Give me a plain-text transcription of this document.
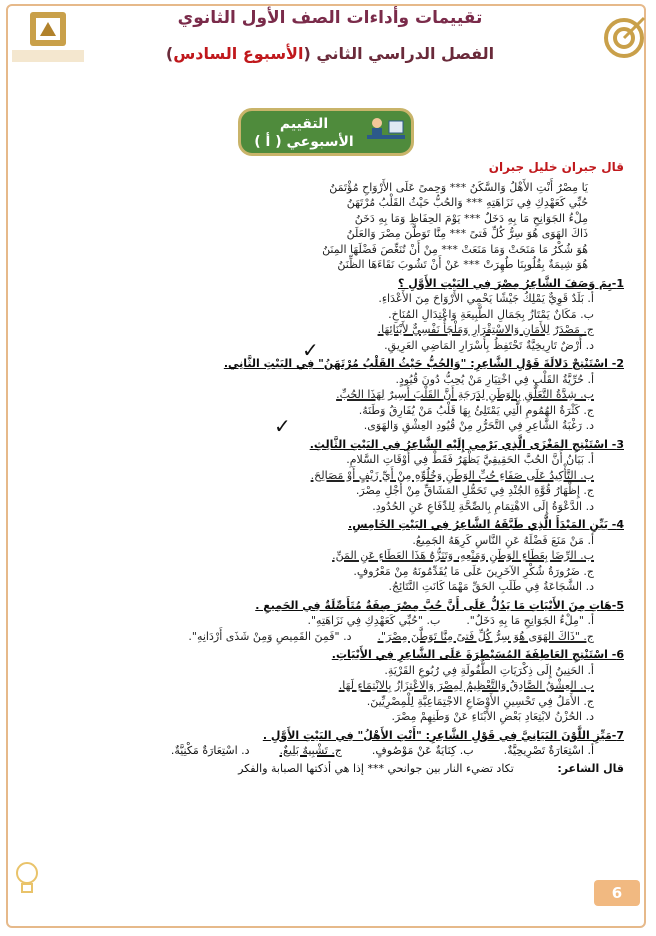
تقييمات وأداءات الصف الأول الثانوي
الفصل الدراسي الثاني (الأسبوع السادس)
التقييم
الأسبوعي ( أ )
قال جبران خليل جبران
يَا مِصْرُ أَنْتِ الأَهْلُ وَالسَّكَنُ *** وَحِمىً عَلَى الأَرْوَاحِ مُؤْتَمَنُ
حُبِّي كَعَهْدِكِ فِي نَزَاهَتِهِ *** وَالحُبُّ حَيْثُ القَلْبُ مُرْتَهَنُ
مِلْءُ الجَوَانِحِ مَا بِهِ دَخَلٌ *** يَوْمَ الحِفَاظِ وَمَا بِهِ دَخَنُ
ذَاكَ الهَوَى هُوَ سِرُّ كُلِّ فَتىً *** مِنَّا تَوَطَّنَ مِصْرَ وَالعَلَنُ
هُوَ شُكْرُ مَا مَنَحَتْ وَمَا مَنَعَتْ *** مِنْ أَنْ تُنَغِّصَ فَضْلَهَا المِنَنُ
هُوَ شِيمَةٌ بِقُلُوبِنَا طُهِرَتْ *** عَنْ أَنْ تَشُوبَ نَقَاءَهَا الظِّنَنُ
1-بِمَ وَصَفَ الشَّاعِرُ مِصْرَ فِي البَيْتِ الأَوَّلِ ؟
أ. بَلَدٌ قَوِيٌّ يَمْلِكُ جَيْشًا يَحْمِي الأَرْوَاحَ مِنَ الأَعْدَاءِ.
ب. مَكَانٌ يَمْتَازُ بِجَمَالِ الطَّبِيعَةِ وَاعْتِدَالِ المُنَاخِ.
ج. مَصْدَرٌ لِلأَمَانِ وَالاسْتِقْرَارِ وَمَلْجَأٌ نَفْسِيٌّ لأَبْنَائِهَا.
د. أَرْضٌ تَارِيخِيَّةٌ تَحْتَفِظُ بِأَسْرَارِ المَاضِي العَرِيقِ.
2- اسْتَنْتِجْ دَلالَةَ قَوْلِ الشَّاعِرِ: "وَالحُبُّ حَيْثُ القَلْبُ مُرْتَهَنُ" فِي البَيْتِ الثَّانِي.
أ. حُرِّيَّةُ القَلْبِ فِي اخْتِيَارِ مَنْ يُحِبُّ دُونَ قُيُودٍ.
ب. شِدَّةُ التَّعَلُّقِ بِالوَطَنِ لِدَرَجَةِ أَنَّ القَلْبَ أَسِيرٌ لِهَذَا الحُبِّ.
ج. كَثْرَةُ الهُمُومِ الَّتِي يَمْتَلِئُ بِهَا قَلْبُ مَنْ يُفَارِقُ وَطَنَهُ.
د. رَغْبَةُ الشَّاعِرِ فِي التَّحَرُّرِ مِنْ قُيُودِ العِشْقِ وَالهَوَى.
3- اسْتَنْتِجِ المَغْزَى الَّذِي يَرْمِي إِلَيْهِ الشَّاعِرُ فِي البَيْتِ الثَّالِثِ.
أ. بَيَانُ أَنَّ الحُبَّ الحَقِيقِيَّ يَظْهَرُ فَقَطْ فِي أَوْقَاتِ السَّلامِ.
ب. التَّأْكِيدُ عَلَى صَفَاءِ حُبِّ الوَطَنِ وَخُلُوِّهِ مِنْ أَيِّ زَيْفٍ أَوْ مَصَالِحَ.
ج. إِظْهَارُ قُوَّةِ الجُنْدِ فِي تَحَمُّلِ المَشَاقِّ مِنْ أَجْلِ مِصْرَ.
د. الدَّعْوَةُ إِلَى الاهْتِمَامِ بِالصِّحَّةِ لِلدِّفَاعِ عَنِ الحُدُودِ.
4- بَيِّنِ المَبْدَأَ الَّذِي طَبَّقَهُ الشَّاعِرُ فِي البَيْتِ الخَامِسِ.
أ. مَنْ مَنَعَ فَضْلَهُ عَنِ النَّاسِ كَرِهَهُ الجَمِيعُ.
ب. الرِّضَا بِعَطَاءِ الوَطَنِ وَمَنْعِهِ، وَتَنَزُّهُ هَذَا العَطَاءِ عَنِ المَنِّ.
ج. ضَرُورَةُ شُكْرِ الآخَرِينَ عَلَى مَا يُقَدِّمُونَهُ مِنْ مَعْرُوفٍ.
د. الشَّجَاعَةُ فِي طَلَبِ الحَقِّ مَهْمَا كَانَتِ النَّتَائِجُ.
5-هَاتِ مِنَ الأَبْيَاتِ مَا يَدُلُّ عَلَى أَنَّ حُبَّ مِصْرَ صِفَةٌ مُتَأَصِّلَةٌ فِي الجَمِيعِ .
أ. "مِلْءُ الجَوَانِحِ مَا بِهِ دَخَلٌ".
ب. "حُبِّي كَعَهْدِكِ فِي نَزَاهَتِهِ".
ج. "ذَاكَ الهَوَى هُوَ سِرُّ كُلِّ فَتىً مِنَّا تَوَطَّنَ مِصْرَ".
د. "فَمِنَ القَمِيصِ وَمِنْ شَذَى أَرْدَانِهِ".
6- اسْتَنْتِجِ العَاطِفَةَ المُسَيْطِرَةَ عَلَى الشَّاعِرِ فِي الأَبْيَاتِ.
أ. الحَنِينُ إِلَى ذِكْرَيَاتِ الطُّفُولَةِ فِي رُبُوعِ القَرْيَةِ.
ب. العِشْقُ الصَّادِقُ وَالتَّعْظِيمُ لِمِصْرَ وَالاعْتِزَازُ بِالانْتِمَاءِ لَهَا.
ج. الأَمَلُ فِي تَحْسِينِ الأَوْضَاعِ الاجْتِمَاعِيَّةِ لِلْمِصْرِيِّينَ.
د. الحُزْنُ لابْتِعَادِ بَعْضِ الأَبْنَاءِ عَنْ وَطَنِهِمْ مِصْرَ.
7-مَيِّزِ اللَّوْنَ البَيَانِيَّ فِي قَوْلِ الشَّاعِرِ: "أَنْتِ الأَهْلُ" فِي البَيْتِ الأَوَّلِ .
أ. اسْتِعَارَةٌ تَصْرِيحِيَّةٌ.
ب. كِنَايَةٌ عَنْ مَوْصُوفٍ.
ج. تَشْبِيهٌ بَلِيغٌ.
د. اسْتِعَارَةٌ مَكْنِيَّةٌ.
قال الشاعر: تكاد تضيء النار بين جوانحي *** إذا هي أذكتها الصبابة والفكر
✓
✓
6
